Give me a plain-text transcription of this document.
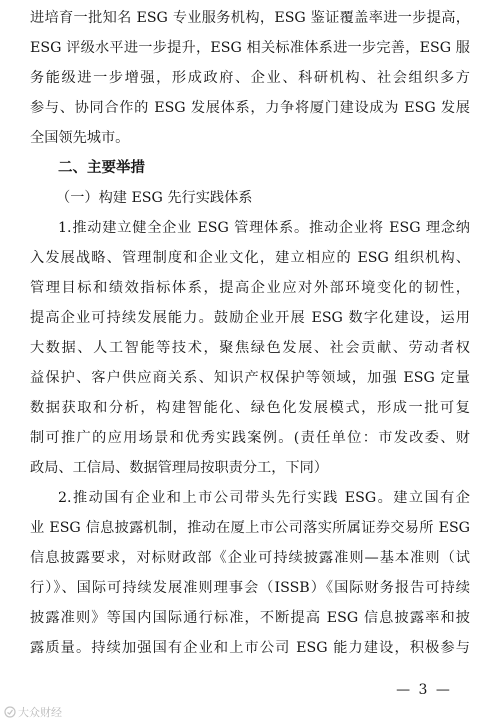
进培育一批知名 ESG 专业服务机构，ESG 鉴证覆盖率进一步提高，
ESG 评级水平进一步提升，ESG 相关标准体系进一步完善，ESG 服
务能级进一步增强，形成政府、企业、科研机构、社会组织多方
参与、协同合作的 ESG 发展体系，力争将厦门建设成为 ESG 发展
全国领先城市。
二、主要举措
（一）构建 ESG 先行实践体系
1.推动建立健全企业 ESG 管理体系。推动企业将 ESG 理念纳
入发展战略、管理制度和企业文化，建立相应的 ESG 组织机构、
管理目标和绩效指标体系，提高企业应对外部环境变化的韧性，
提高企业可持续发展能力。鼓励企业开展 ESG 数字化建设，运用
大数据、人工智能等技术，聚焦绿色发展、社会贡献、劳动者权
益保护、客户供应商关系、知识产权保护等领域，加强 ESG 定量
数据获取和分析，构建智能化、绿色化发展模式，形成一批可复
制可推广的应用场景和优秀实践案例。(责任单位：市发改委、财
政局、工信局、数据管理局按职责分工，下同）
2.推动国有企业和上市公司带头先行实践 ESG。建立国有企
业 ESG 信息披露机制，推动在厦上市公司落实所属证券交易所 ESG
信息披露要求，对标财政部《企业可持续披露准则—基本准则（试
行）》、国际可持续发展准则理事会（ISSB）《国际财务报告可持续
披露准则》等国内国际通行标准，不断提高 ESG 信息披露率和披
露质量。持续加强国有企业和上市公司 ESG 能力建设，积极参与
— 3 —
大众财经
